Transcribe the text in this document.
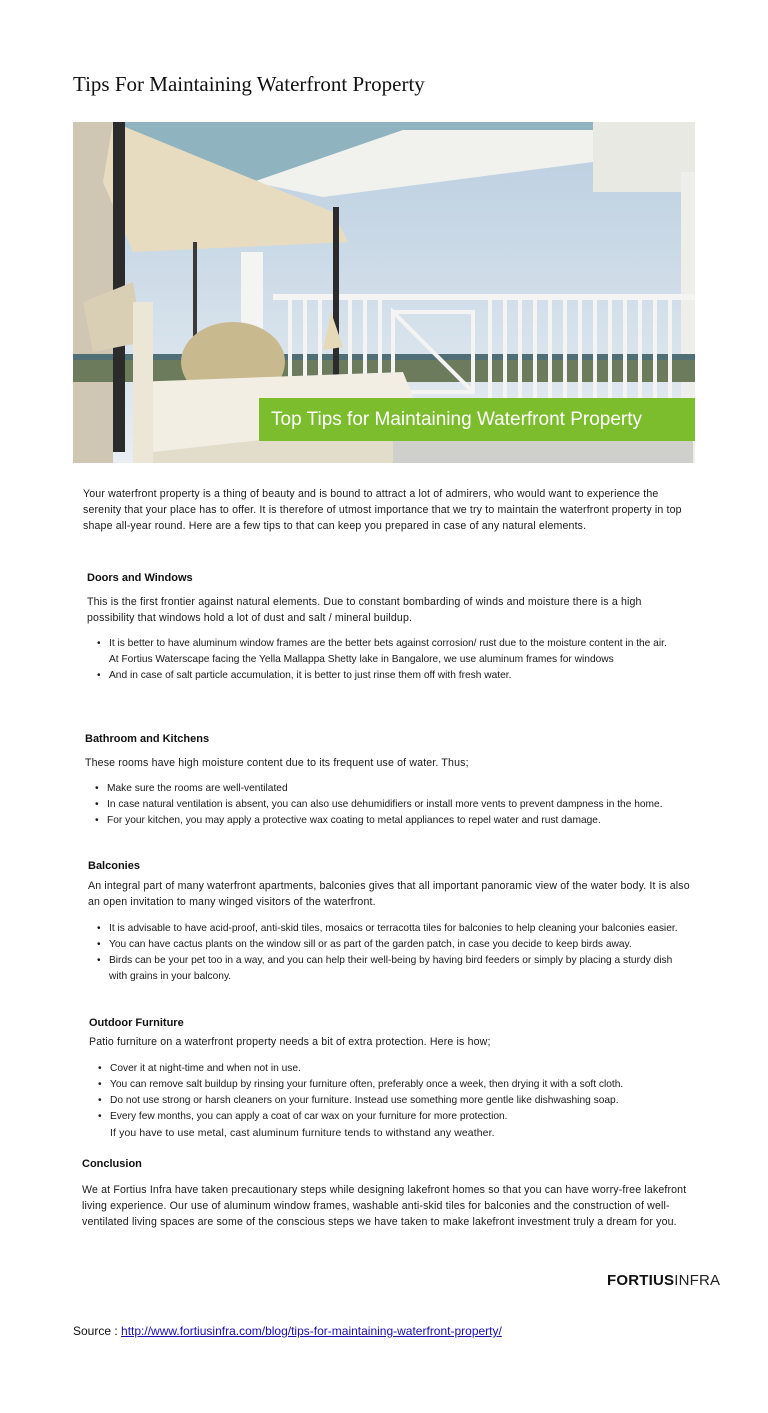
Tips For Maintaining Waterfront Property
Top Tips for Maintaining Waterfront Property
Your waterfront property is a thing of beauty and is bound to attract a lot of admirers, who would want to experience the serenity that your place has to offer. It is therefore of utmost importance that we try to maintain the waterfront property in top shape all-year round. Here are a few tips to that can keep you prepared in case of any natural elements.
Doors and Windows
This is the first frontier against natural elements. Due to constant bombarding of winds and moisture there is a high possibility that windows hold a lot of dust and salt / mineral buildup.
• It is better to have aluminum window frames are the better bets against corrosion/ rust due to the moisture content in the air. At Fortius Waterscape facing the Yella Mallappa Shetty lake in Bangalore, we use aluminum frames for windows
• And in case of salt particle accumulation, it is better to just rinse them off with fresh water.
Bathroom and Kitchens
These rooms have high moisture content due to its frequent use of water. Thus;
• Make sure the rooms are well-ventilated
• In case natural ventilation is absent, you can also use dehumidifiers or install more vents to prevent dampness in the home.
• For your kitchen, you may apply a protective wax coating to metal appliances to repel water and rust damage.
Balconies
An integral part of many waterfront apartments, balconies gives that all important panoramic view of the water body. It is also an open invitation to many winged visitors of the waterfront.
• It is advisable to have acid-proof, anti-skid tiles, mosaics or terracotta tiles for balconies to help cleaning your balconies easier.
• You can have cactus plants on the window sill or as part of the garden patch, in case you decide to keep birds away.
• Birds can be your pet too in a way, and you can help their well-being by having bird feeders or simply by placing a sturdy dish with grains in your balcony.
Outdoor Furniture
Patio furniture on a waterfront property needs a bit of extra protection. Here is how;
• Cover it at night-time and when not in use.
• You can remove salt buildup by rinsing your furniture often, preferably once a week, then drying it with a soft cloth.
• Do not use strong or harsh cleaners on your furniture. Instead use something more gentle like dishwashing soap.
• Every few months, you can apply a coat of car wax on your furniture for more protection.
If you have to use metal, cast aluminum furniture tends to withstand any weather.
Conclusion
We at Fortius Infra have taken precautionary steps while designing lakefront homes so that you can have worry-free lakefront living experience. Our use of aluminum window frames, washable anti-skid tiles for balconies and the construction of well-ventilated living spaces are some of the conscious steps we have taken to make lakefront investment truly a dream for you.
FORTIUSINFRA
Source : http://www.fortiusinfra.com/blog/tips-for-maintaining-waterfront-property/
